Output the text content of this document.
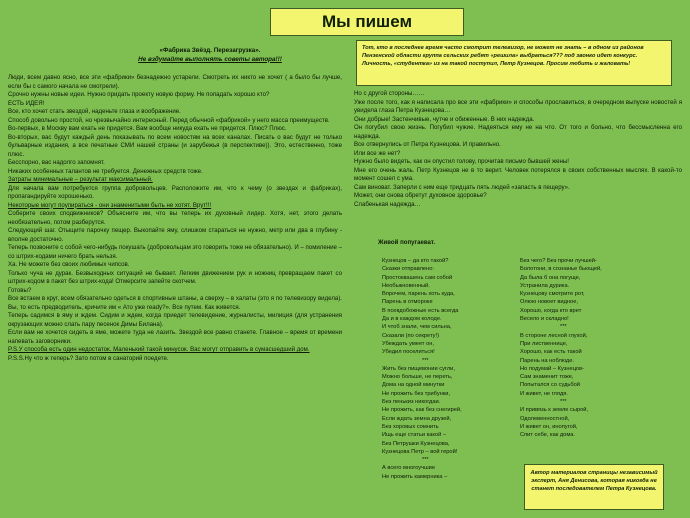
Мы пишем
Тот, кто в последнее время часто смотрит телевизор, не может не знать – в одном из районов Пензенской области группа сельских ребят «решила» выбраться??? под звонко идет конкурс. Личность, «студентка» из на такой поступил, Петр Кузнецов. Просим любить и жаловать!
«Фабрика Звёзд. Перезагрузка».
Не вздумайте выполнять советы автора!!!

Люди, всем давно ясно, все эти «фабрики» безнадежно устарели. Смотреть их никто не хочет ( а было бы лучше, если бы с самого начала не смотрели).

Срочно нужны новые идеи. Нужно придать проекту новую форму. Не попадать хорошо кто?

ЕСТЬ ИДЕЯ!

Все, кто хочет стать звездой, наденьте глаза и воображение.

Способ довольно простой, но чрезвычайно интересный. Перед обычной «фабрикой» у него масса преимуществ.

Во-первых, в Москву вам ехать не придется. Вам вообще никуда ехать не придется. Плюс? Плюс.

Во-вторых, вас будут каждый день показывать по всем новостям на всех каналах. Писать о вас будут не только бульварные издания, а все печатные СМИ нашей страны (и зарубежья (в перспективе)). Это, естественно, тоже плюс.

Бесспорно, вас надолго запомнят.

Никаких особенных талантов не требуется. Денежных средств тоже.

Затраты минимальные – результат максимальный.

Для начала вам потребуется группа добровольцев. Расположите им, что к чему (о звездах и фабриках), пропагандируйте хорошенько.

Некоторые могут поупираться - они знаменитыми быть не хотят. Врут!!!

Соберите своих сподвижников? Объясните им, что вы теперь их духовный лидер. Хотя, нет, этого делать необязательно, потом разберутся.

Следующий шаг. Отыщите парочку пещер. Выкопайте яму, слишком стараться не нужно, метр или два в глубину - вполне достаточно.

Теперь позвоните с собой чего-нибудь покушать (добровольцам это говорить тоже не обязательно). И – помиление – со штрих-кодами ничего брать нельзя.

Ха. Не можете без своих любимых чипсов.

Только чуча не дурак. Безвыходных ситуаций не бывает. Легким движением рук и ножниц превращаем пакет со штрих-кодом в пакет без штрих-кода! Отмерсите запейте скотчем.

Готовы?

Все встаем в круг, всем обязательно одеться в спортивные штаны, а сверху – в халаты (это я по телевизору видела). Вы, то есть предводитель, кричите им « Ато уже ready?». Все путем. Как живется.

Теперь садимся в яму и ждем. Сидим и ждем, когда приедет телевидение, журналисты, милиция (для устранения окрузающих можно слать пару песенок Димы Билана).

Если вам не хочется сидеть в яме, можете туда не лазить. Звездой все равно станете. Главное – время от времени напевать заговорники.

P.S.У способа есть один недостаток. Маленький такой минусок. Вас могут отправить в сумасшедший дом.

P.S.S.Ну что ж теперь? Зато потом в санаторий поедете.

Но с другой стороны……

Уже после того, как я написала про все эти «фабрики» и способы прославиться, в очередном выпуске новостей я увидела глаза Петра Кузнецова…

Они добрые! Застенчивые, чутче и обиженные. В них надежда.

Он погубил свою жизнь. Погубил чужие. Надеяться ему не на что. От того и больно, что бессмысленна его надежда.

Все отвернулись от Петра Кузнецова. И правильно.

Или все же нет?

Нужно было видеть, как он опустил голову, прочитав письмо бывшей жены!

Мне его очень жаль. Петр Кузнецов не в то верит. Человек потерялся в своих собственных мыслях. В какой-то момент сошел с ума.

Сам виноват. Заперли с ним еще тридцать пять людей «запасть в пещеру».

Может, они снова обретут духовное здоровье?

Слабенькая надежда…

Живой попугаеват.
Кузнецов – да кто такой?
Сказки отправлено:
Простоквашень сам собой
Необыкновенный.
Впрочем, парень хоть куда,
Парень в отмороке
В псевдобожные есть всегда
Да и в каждом колоде.
И чтоб знали, чем сильна,
Сказали (по секрету!)
Убеждать умеет он,
Убедил поселиться!
***
Жить без пищевонии сугли,
Можно больше, не переть,
Дома на одной минутки
Не прожить без трибунки,
Без пенькиз никогдаи.
Не прожить, как без снегирей,
Если ждать земна друзей,
Без хоровых сомнить
Ищь еще статьи какой –
Без Петрушки Кузнецова,
Кузнецова Петр – вой герой!
***
А всего многоучшие
Не прожить камерника –
Без чего? Без прочи лучшей-
Болотони, в сознанье бьющей,
Да была б она погуще,
Устранила дурика.
Кузнецову смотрите рот,
Олюю новоет видное,
Хорошо, когда кто врет
Весело и складно!
***
В стороне лесной глухой,
При лиственнице,
Хорошо, как есть такой
Парень на ноблюде.
Но подумай – Кузнецов-
Сам знаменит тоже,
Попытался со судьбой
И живет, не глядя.
***
И привязь к земле сырой,
Одолевенностной,
И живет он, инопугой,
Спит себе, как дома.
Автор материалов страницы независимый эксперт, Аня Денисова, которая никогда не станет последователем Петра Кузнецова.
